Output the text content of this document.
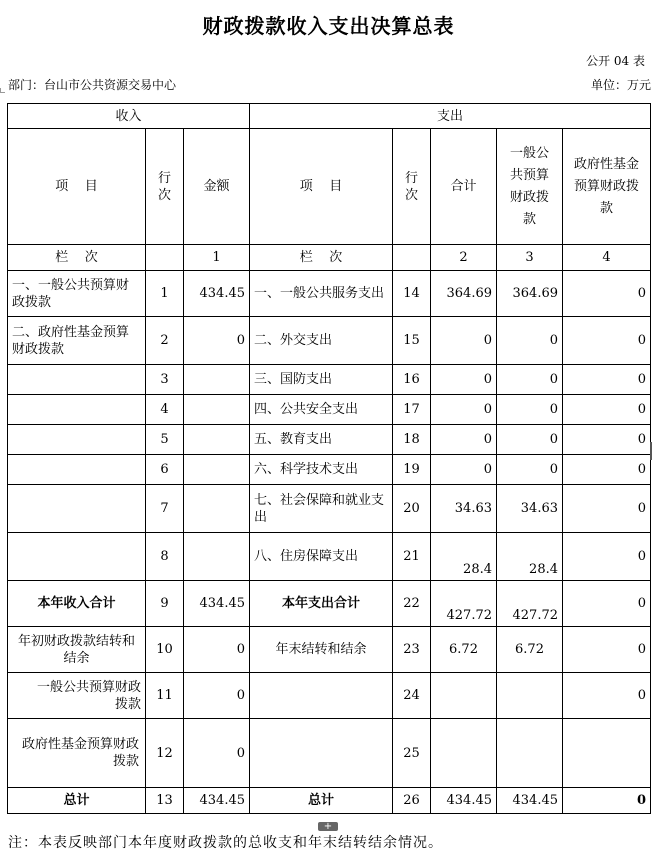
财政拨款收入支出决算总表
公开 04 表
部门：台山市公共资源交易中心	单位：万元
收入			支出				
项    目	行次	金额	项    目	行次	合计	一般公共预算财政拨款	政府性基金预算财政拨款
栏    次		1	栏    次		2	3	4
一、一般公共预算财政拨款	1	434.45	一、一般公共服务支出	14	364.69	364.69	0
二、政府性基金预算财政拨款	2	0	二、外交支出	15	0	0	0
	3		三、国防支出	16	0	0	0
	4		四、公共安全支出	17	0	0	0
	5		五、教育支出	18	0	0	0
	6		六、科学技术支出	19	0	0	0
	7		七、社会保障和就业支出	20	34.63	34.63	0
	8		八、住房保障支出	21	28.4	28.4	0
本年收入合计	9	434.45	本年支出合计	22	427.72	427.72	0
年初财政拨款结转和结余	10	0	年末结转和结余	23	6.72	6.72	0
一般公共预算财政拨款	11	0		24			0
政府性基金预算财政拨款	12	0		25			
总计	13	434.45	总计	26	434.45	434.45	0
+
注：本表反映部门本年度财政拨款的总收支和年末结转结余情况。
